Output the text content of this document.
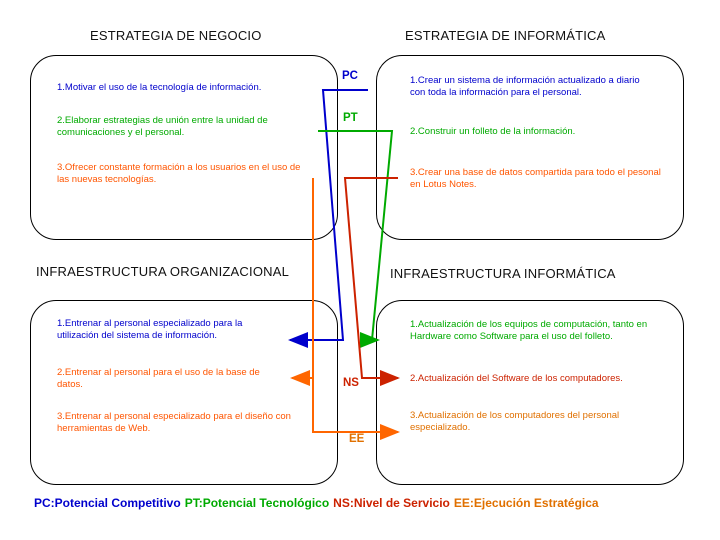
ESTRATEGIA DE NEGOCIO	ESTRATEGIA DE INFORMÁTICA
INFRAESTRUCTURA ORGANIZACIONAL	INFRAESTRUCTURA INFORMÁTICA
PC
PT
NS
EE
1.Motivar el uso de la tecnología de información.
2.Elaborar estrategias de unión entre la unidad de comunicaciones y el personal.
3.Ofrecer constante formación a los usuarios en el uso de las nuevas tecnologías.
1.Crear un sistema de información actualizado a diario con toda la información para el personal.
2.Construir un folleto de la información.
3.Crear una base de datos compartida para todo el pesonal en Lotus Notes.
1.Entrenar al personal especializado para la utilización del sistema de información.
2.Entrenar al personal para el uso de la base de datos.
3.Entrenar al personal especializado para el diseño con herramientas de Web.
1.Actualización de los equipos de computación, tanto en Hardware como Software para el uso del folleto.
2.Actualización del Software de los computadores.
3.Actualización de los computadores del personal especializado.
PC:Potencial Competitivo PT:Potencial Tecnológico NS:Nivel de Servicio EE:Ejecución Estratégica
